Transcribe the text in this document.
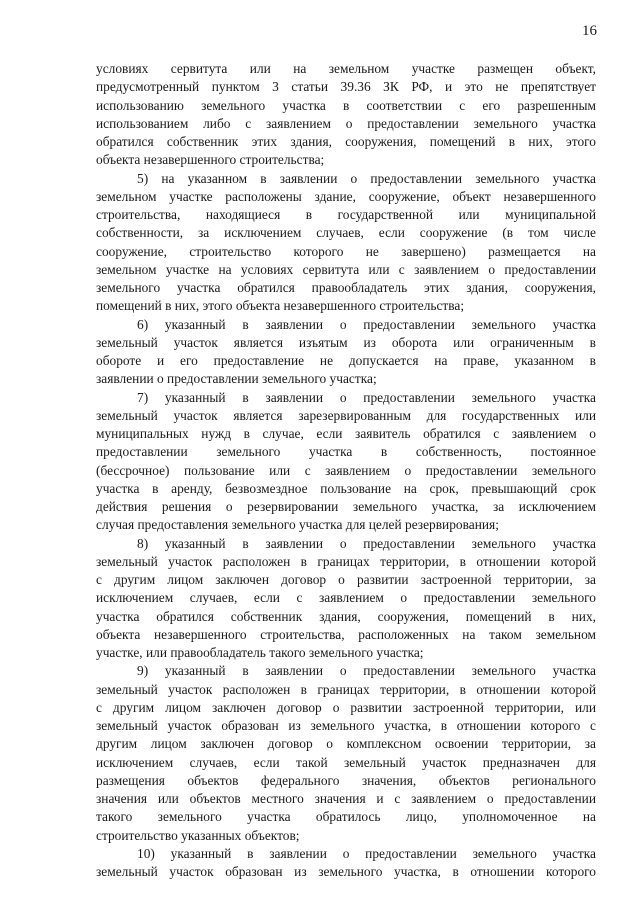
16
условиях сервитута или на земельном участке размещен объект,
предусмотренный пунктом 3 статьи 39.36 ЗК РФ, и это не препятствует
использованию земельного участка в соответствии с его разрешенным
использованием либо с заявлением о предоставлении земельного участка
обратился собственник этих здания, сооружения, помещений в них, этого
объекта незавершенного строительства;
5) на указанном в заявлении о предоставлении земельного участка
земельном участке расположены здание, сооружение, объект незавершенного
строительства, находящиеся в государственной или муниципальной
собственности, за исключением случаев, если сооружение (в том числе
сооружение, строительство которого не завершено) размещается на
земельном участке на условиях сервитута или с заявлением о предоставлении
земельного участка обратился правообладатель этих здания, сооружения,
помещений в них, этого объекта незавершенного строительства;
6) указанный в заявлении о предоставлении земельного участка
земельный участок является изъятым из оборота или ограниченным в
обороте и его предоставление не допускается на праве, указанном в
заявлении о предоставлении земельного участка;
7) указанный в заявлении о предоставлении земельного участка
земельный участок является зарезервированным для государственных или
муниципальных нужд в случае, если заявитель обратился с заявлением о
предоставлении земельного участка в собственность, постоянное
(бессрочное) пользование или с заявлением о предоставлении земельного
участка в аренду, безвозмездное пользование на срок, превышающий срок
действия решения о резервировании земельного участка, за исключением
случая предоставления земельного участка для целей резервирования;
8) указанный в заявлении о предоставлении земельного участка
земельный участок расположен в границах территории, в отношении которой
с другим лицом заключен договор о развитии застроенной территории, за
исключением случаев, если с заявлением о предоставлении земельного
участка обратился собственник здания, сооружения, помещений в них,
объекта незавершенного строительства, расположенных на таком земельном
участке, или правообладатель такого земельного участка;
9) указанный в заявлении о предоставлении земельного участка
земельный участок расположен в границах территории, в отношении которой
с другим лицом заключен договор о развитии застроенной территории, или
земельный участок образован из земельного участка, в отношении которого с
другим лицом заключен договор о комплексном освоении территории, за
исключением случаев, если такой земельный участок предназначен для
размещения объектов федерального значения, объектов регионального
значения или объектов местного значения и с заявлением о предоставлении
такого земельного участка обратилось лицо, уполномоченное на
строительство указанных объектов;
10) указанный в заявлении о предоставлении земельного участка
земельный участок образован из земельного участка, в отношении которого
